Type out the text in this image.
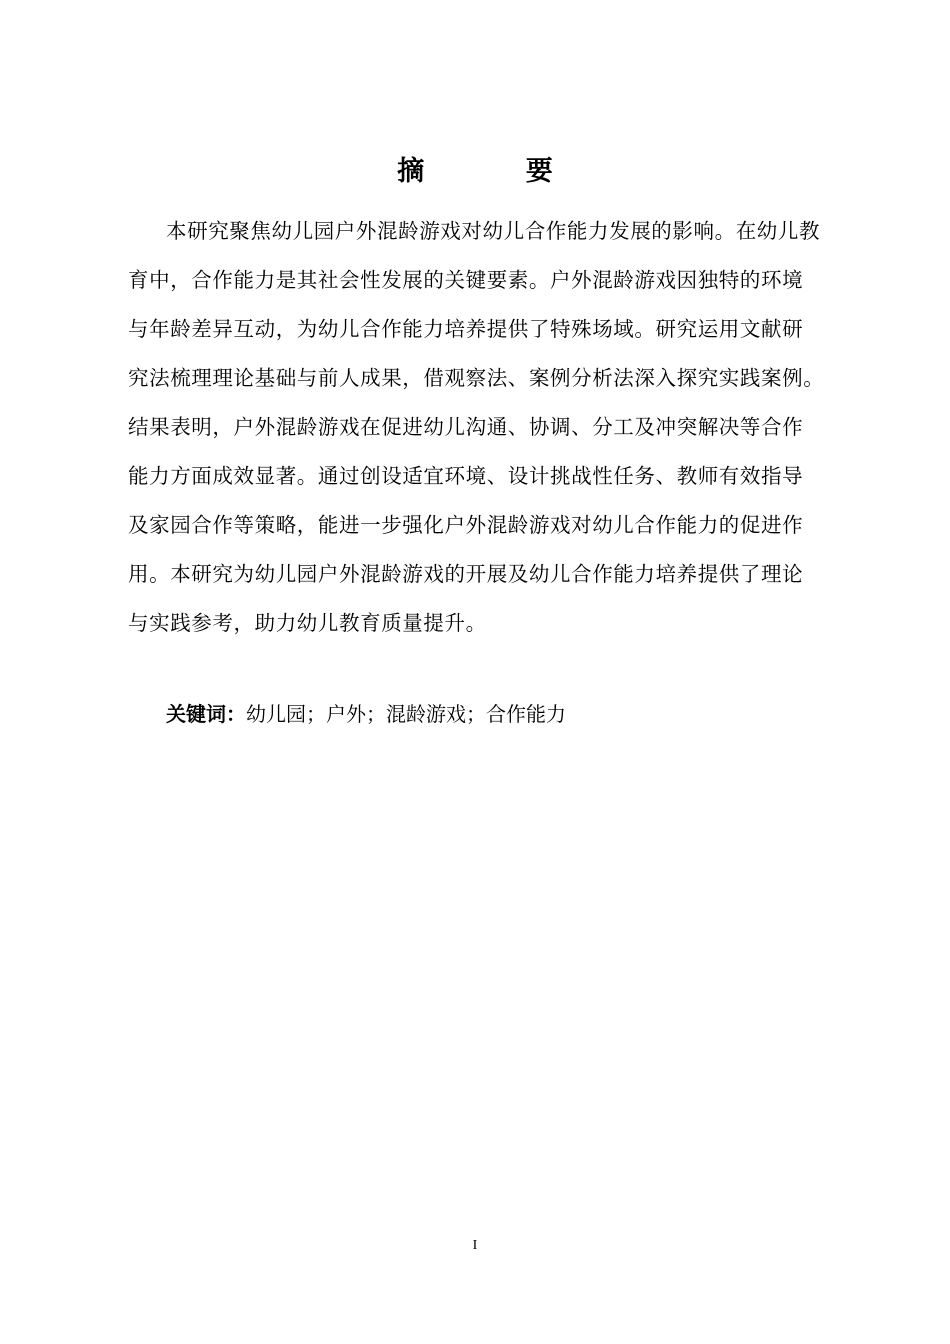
摘 要
本研究聚焦幼儿园户外混龄游戏对幼儿合作能力发展的影响。在幼儿教
育中，合作能力是其社会性发展的关键要素。户外混龄游戏因独特的环境
与年龄差异互动，为幼儿合作能力培养提供了特殊场域。研究运用文献研
究法梳理理论基础与前人成果，借观察法、案例分析法深入探究实践案例。
结果表明，户外混龄游戏在促进幼儿沟通、协调、分工及冲突解决等合作
能力方面成效显著。通过创设适宜环境、设计挑战性任务、教师有效指导
及家园合作等策略，能进一步强化户外混龄游戏对幼儿合作能力的促进作
用。本研究为幼儿园户外混龄游戏的开展及幼儿合作能力培养提供了理论
与实践参考，助力幼儿教育质量提升。
关键词：幼儿园；户外；混龄游戏；合作能力
I
